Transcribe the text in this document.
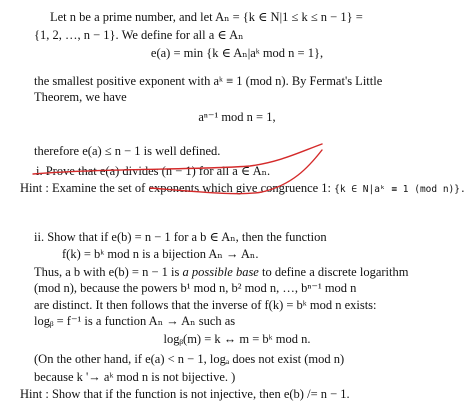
Let n be a prime number, and let Aₙ = {k ∈ N|1 ≤ k ≤ n − 1} =
{1, 2, …, n − 1}. We define for all a ∈ Aₙ
e(a) = min {k ∈ Aₙ|aᵏ mod n = 1},
the smallest positive exponent with aᵏ ≡ 1 (mod n). By Fermat's Little
Theorem, we have
aⁿ⁻¹ mod n = 1,
therefore e(a) ≤ n − 1 is well defined.
i. Prove that e(a) divides (n − 1) for all a ∈ Aₙ.
Hint : Examine the set of exponents which give congruence 1: {k ∈ N|aᵏ ≡ 1 (mod n)}.
ii. Show that if e(b) = n − 1 for a b ∈ Aₙ, then the function
f(k) = bᵏ mod n is a bijection Aₙ → Aₙ.
Thus, a b with e(b) = n − 1 is a possible base to define a discrete logarithm
(mod n), because the powers b¹ mod n, b² mod n, …, bⁿ⁻¹ mod n
are distinct. It then follows that the inverse of f(k) = bᵏ mod n exists:
logᵦ = f⁻¹ is a function Aₙ → Aₙ such as
logᵦ(m) = k ↔ m = bᵏ mod n.
(On the other hand, if e(a) < n − 1, logₐ does not exist (mod n)
because k '→ aᵏ mod n is not bijective. )
Hint : Show that if the function is not injective, then e(b) /= n − 1.
